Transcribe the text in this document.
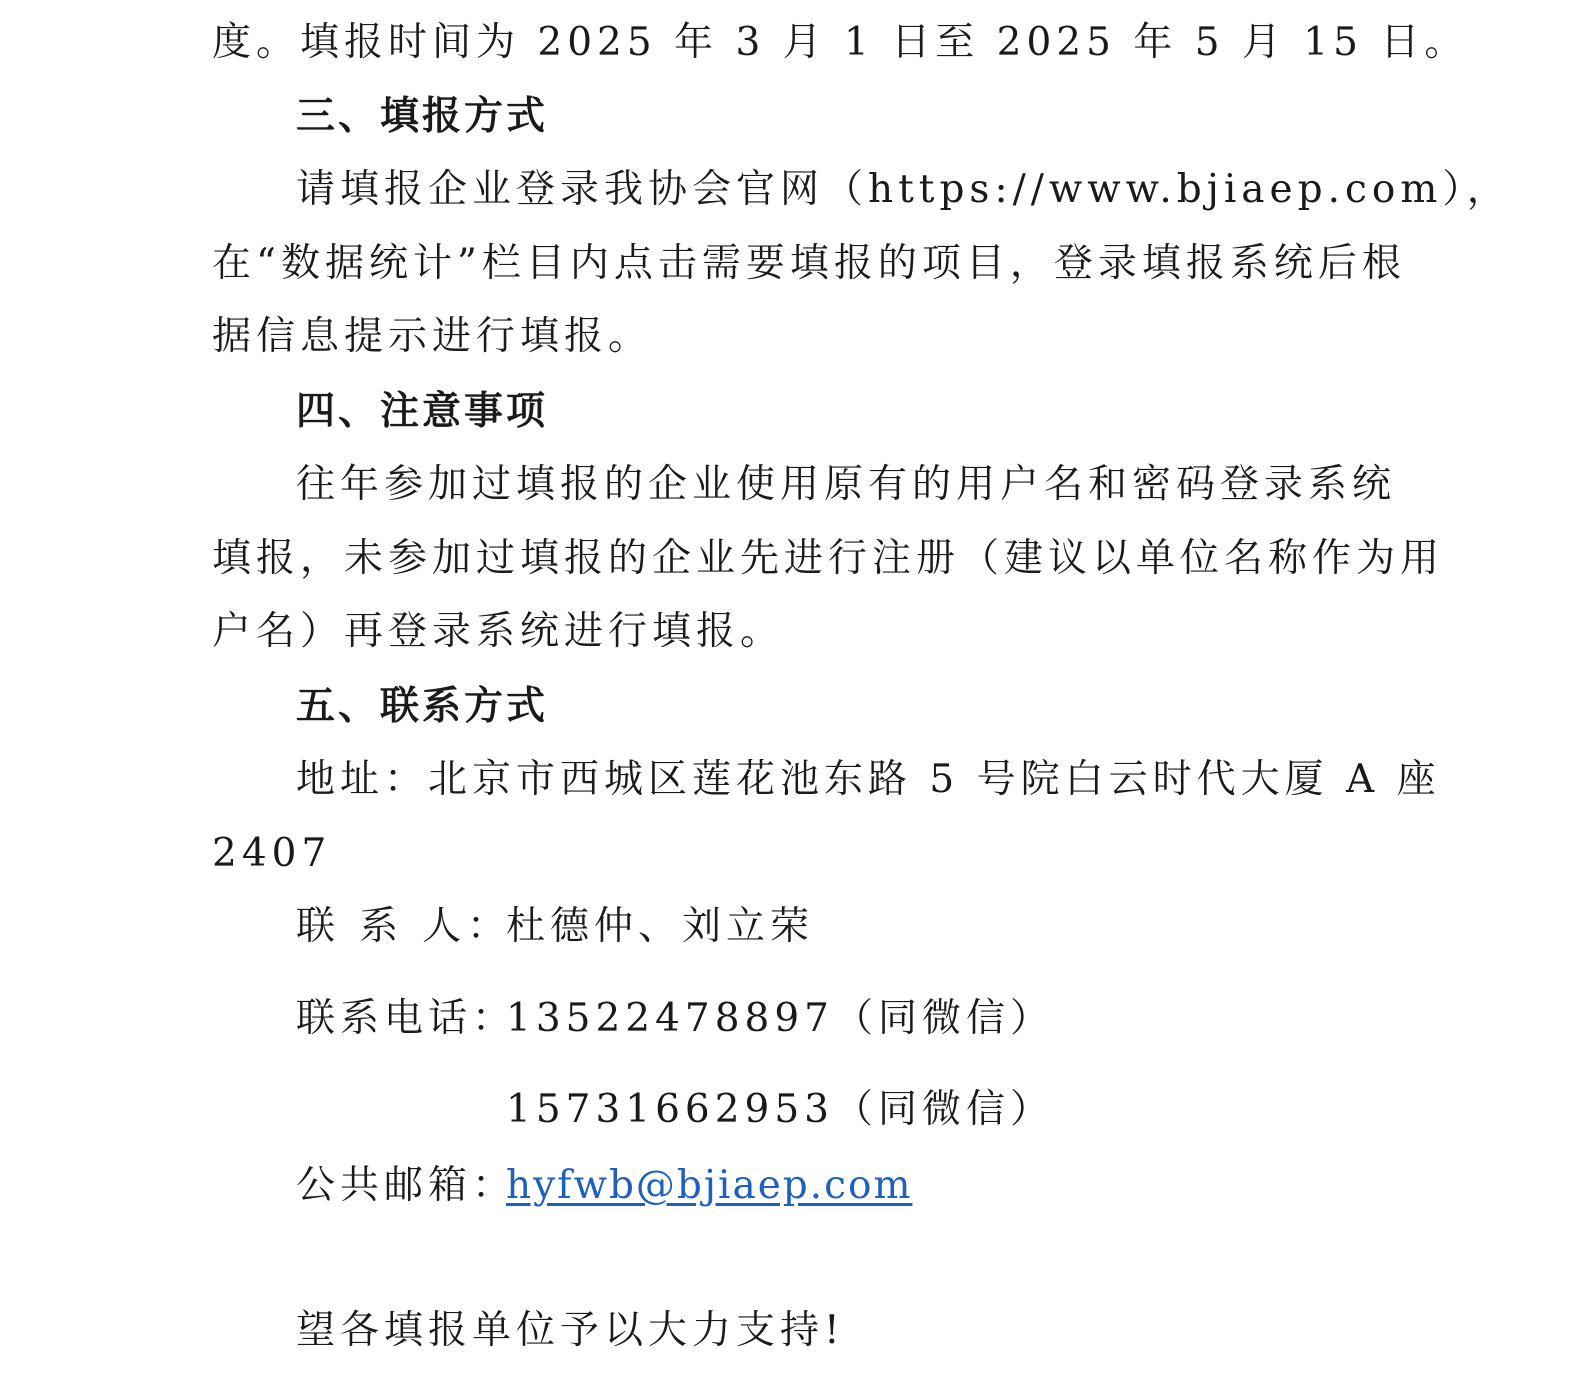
度。填报时间为 2025 年 3 月 1 日至 2025 年 5 月 15 日。
三、填报方式
请填报企业登录我协会官网（https://www.bjiaep.com），
在“数据统计”栏目内点击需要填报的项目，登录填报系统后根
据信息提示进行填报。
四、注意事项
往年参加过填报的企业使用原有的用户名和密码登录系统
填报，未参加过填报的企业先进行注册（建议以单位名称作为用
户名）再登录系统进行填报。
五、联系方式
地址：北京市西城区莲花池东路 5 号院白云时代大厦 A 座
2407
联 系 人：杜德仲、刘立荣
联系电话：13522478897（同微信）
15731662953（同微信）
公共邮箱：hyfwb@bjiaep.com
望各填报单位予以大力支持!
